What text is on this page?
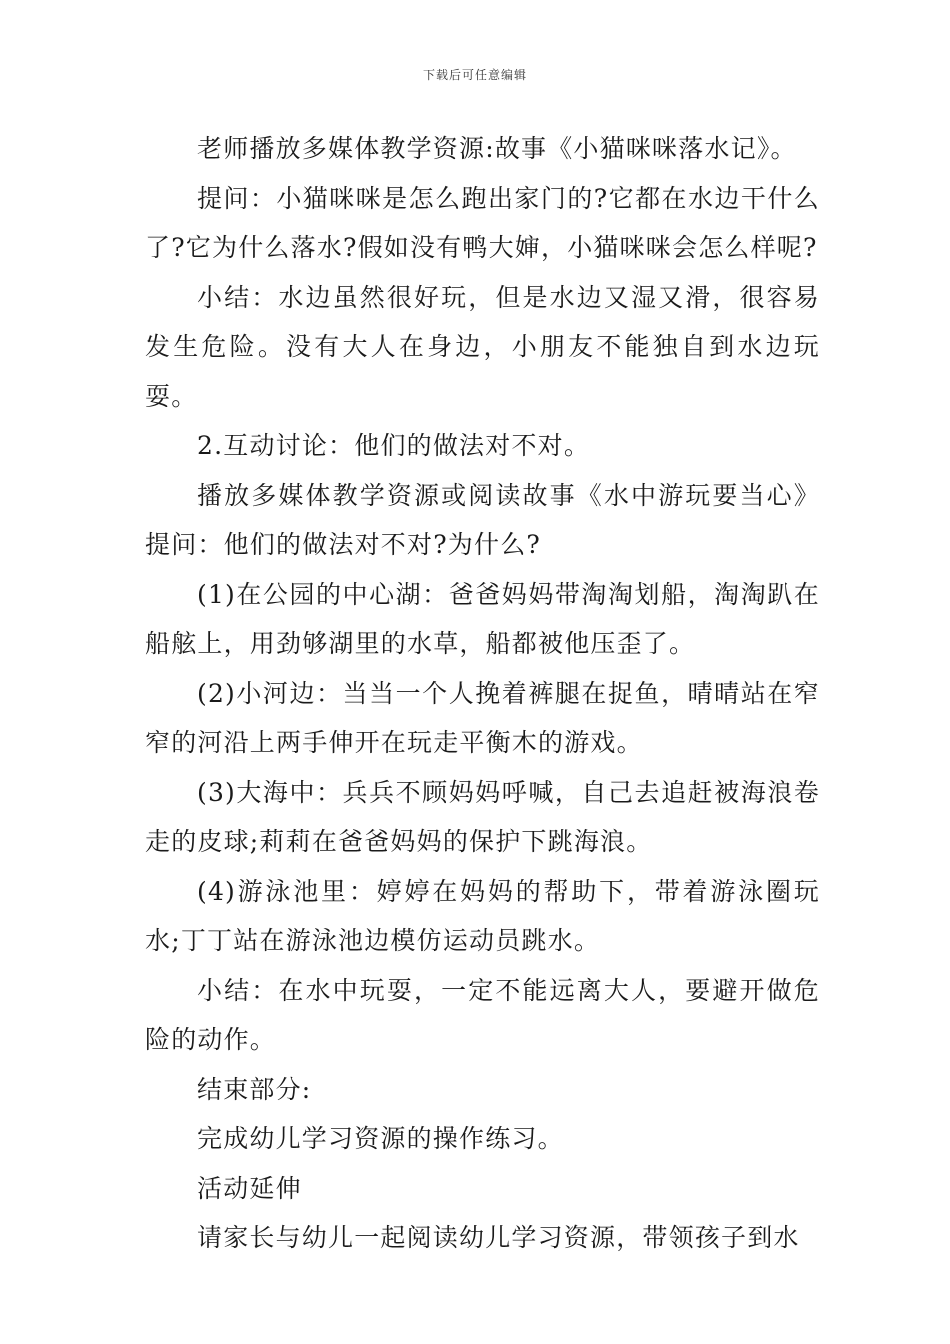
下载后可任意编辑

老师播放多媒体教学资源:故事《小猫咪咪落水记》。

提问：小猫咪咪是怎么跑出家门的?它都在水边干什么了?它为什么落水?假如没有鸭大婶，小猫咪咪会怎么样呢?

小结：水边虽然很好玩，但是水边又湿又滑，很容易发生危险。没有大人在身边，小朋友不能独自到水边玩耍。

2.互动讨论：他们的做法对不对。

播放多媒体教学资源或阅读故事《水中游玩要当心》提问：他们的做法对不对?为什么?

(1)在公园的中心湖：爸爸妈妈带淘淘划船，淘淘趴在船舷上，用劲够湖里的水草，船都被他压歪了。

(2)小河边：当当一个人挽着裤腿在捉鱼，晴晴站在窄窄的河沿上两手伸开在玩走平衡木的游戏。

(3)大海中：兵兵不顾妈妈呼喊，自己去追赶被海浪卷走的皮球;莉莉在爸爸妈妈的保护下跳海浪。

(4)游泳池里：婷婷在妈妈的帮助下，带着游泳圈玩水;丁丁站在游泳池边模仿运动员跳水。

小结：在水中玩耍，一定不能远离大人，要避开做危险的动作。

结束部分:

完成幼儿学习资源的操作练习。

活动延伸

请家长与幼儿一起阅读幼儿学习资源，带领孩子到水
